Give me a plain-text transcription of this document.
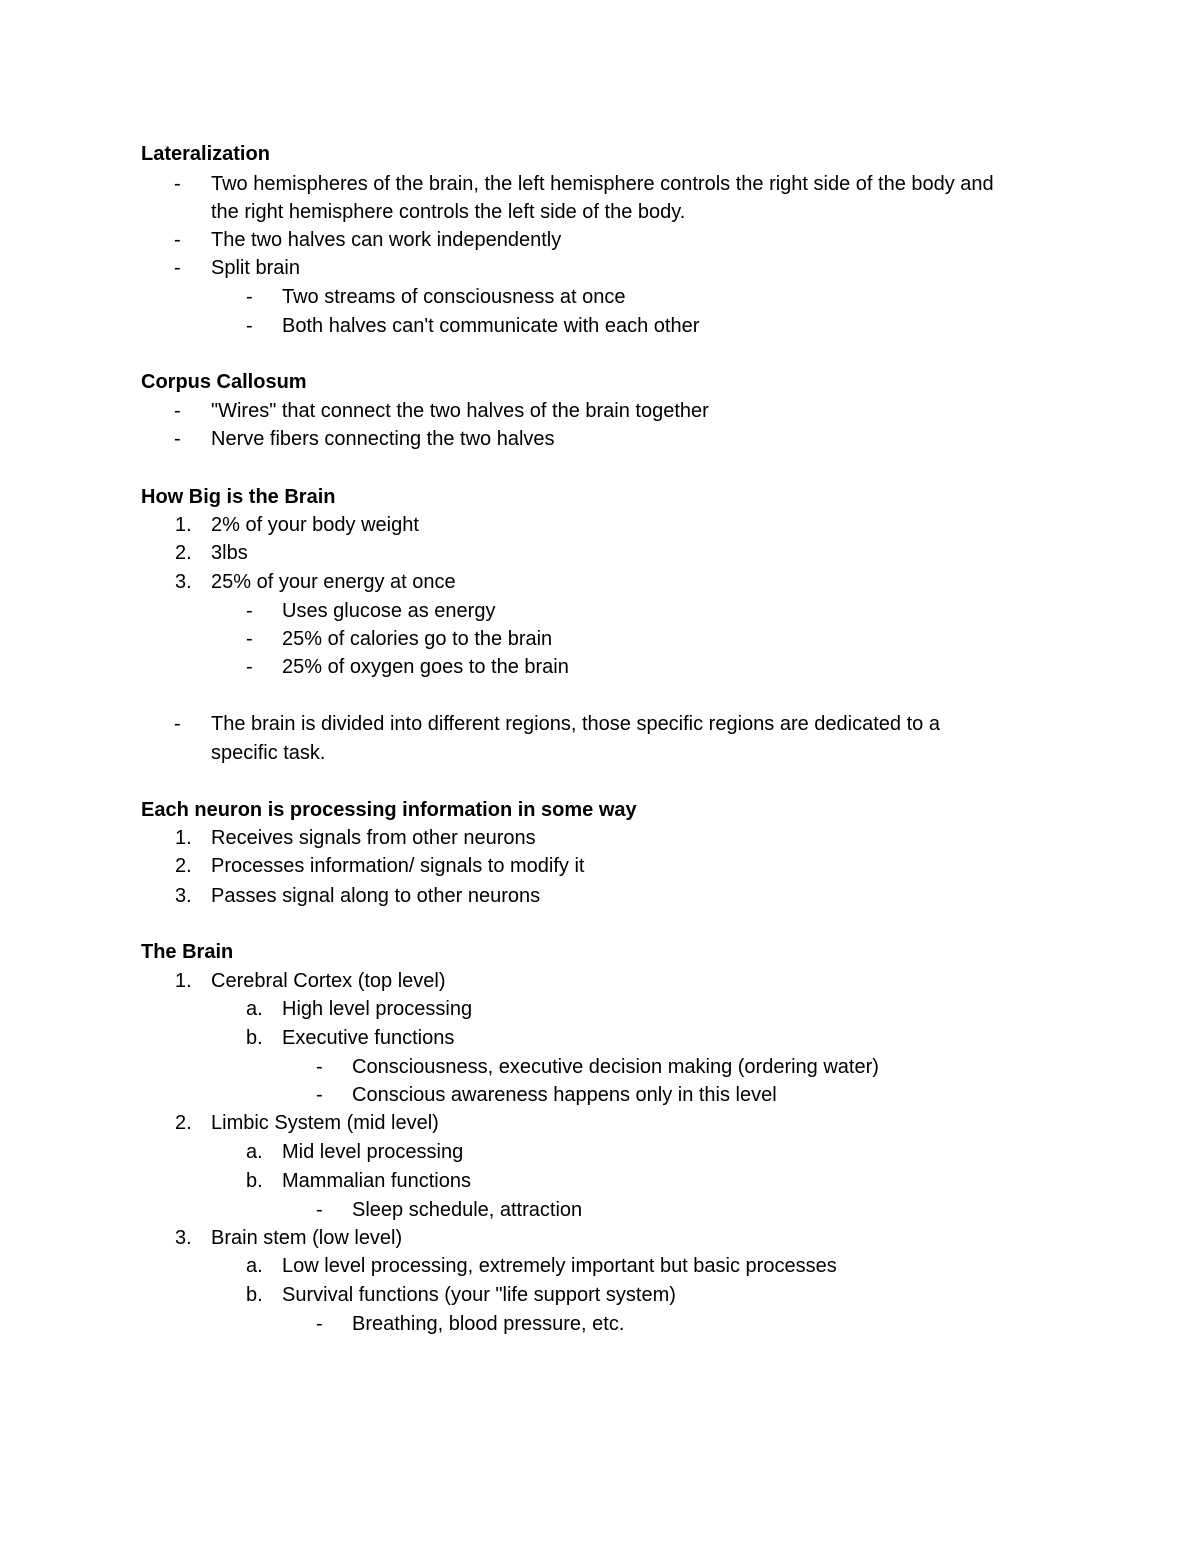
Lateralization
- Two hemispheres of the brain, the left hemisphere controls the right side of the body and
the right hemisphere controls the left side of the body.
- The two halves can work independently
- Split brain
- Two streams of consciousness at once
- Both halves can't communicate with each other
Corpus Callosum
- "Wires" that connect the two halves of the brain together
- Nerve fibers connecting the two halves
How Big is the Brain
1. 2% of your body weight
2. 3lbs
3. 25% of your energy at once
- Uses glucose as energy
- 25% of calories go to the brain
- 25% of oxygen goes to the brain
- The brain is divided into different regions, those specific regions are dedicated to a
specific task.
Each neuron is processing information in some way
1. Receives signals from other neurons
2. Processes information/ signals to modify it
3. Passes signal along to other neurons
The Brain
1. Cerebral Cortex (top level)
a. High level processing
b. Executive functions
- Consciousness, executive decision making (ordering water)
- Conscious awareness happens only in this level
2. Limbic System (mid level)
a. Mid level processing
b. Mammalian functions
- Sleep schedule, attraction
3. Brain stem (low level)
a. Low level processing, extremely important but basic processes
b. Survival functions (your "life support system)
- Breathing, blood pressure, etc.
